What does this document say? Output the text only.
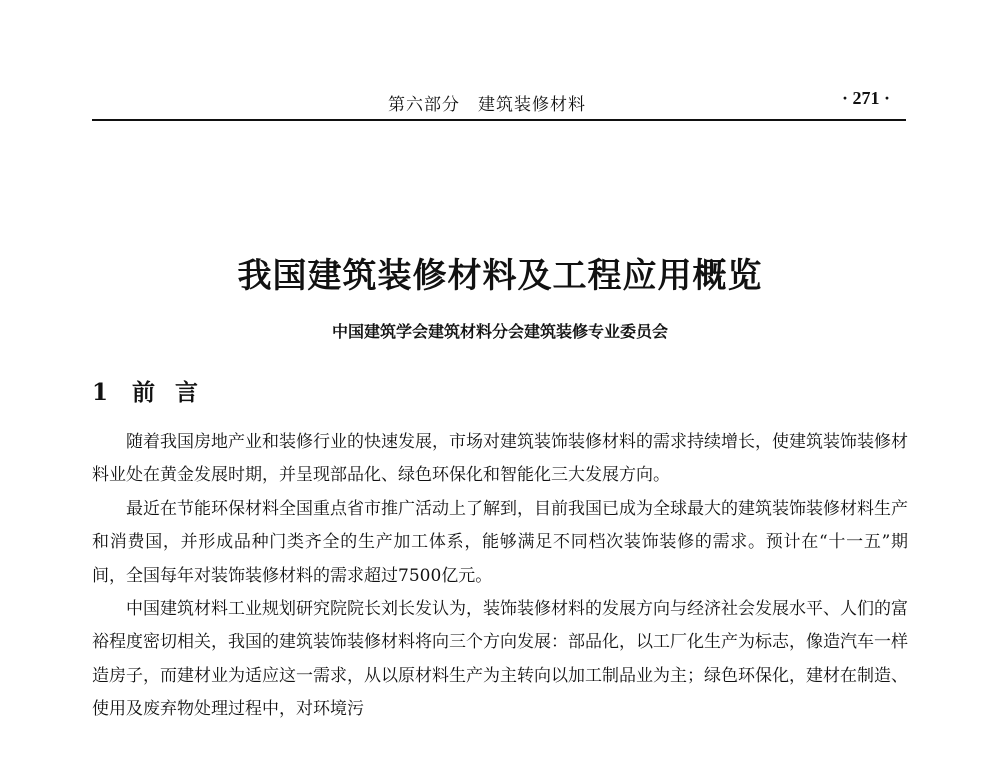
第六部分 建筑装修材料	· 271 ·
我国建筑装修材料及工程应用概览
中国建筑学会建筑材料分会建筑装修专业委员会
1 前言

随着我国房地产业和装修行业的快速发展，市场对建筑装饰装修材料的需求持续增长，使建筑装饰装修材料业处在黄金发展时期，并呈现部品化、绿色环保化和智能化三大发展方向。

最近在节能环保材料全国重点省市推广活动上了解到，目前我国已成为全球最大的建筑装饰装修材料生产和消费国，并形成品种门类齐全的生产加工体系，能够满足不同档次装饰装修的需求。预计在“十一五”期间，全国每年对装饰装修材料的需求超过7500亿元。

中国建筑材料工业规划研究院院长刘长发认为，装饰装修材料的发展方向与经济社会发展水平、人们的富裕程度密切相关，我国的建筑装饰装修材料将向三个方向发展：部品化，以工厂化生产为标志，像造汽车一样造房子，而建材业为适应这一需求，从以原材料生产为主转向以加工制品业为主；绿色环保化，建材在制造、使用及废弃物处理过程中，对环境污
